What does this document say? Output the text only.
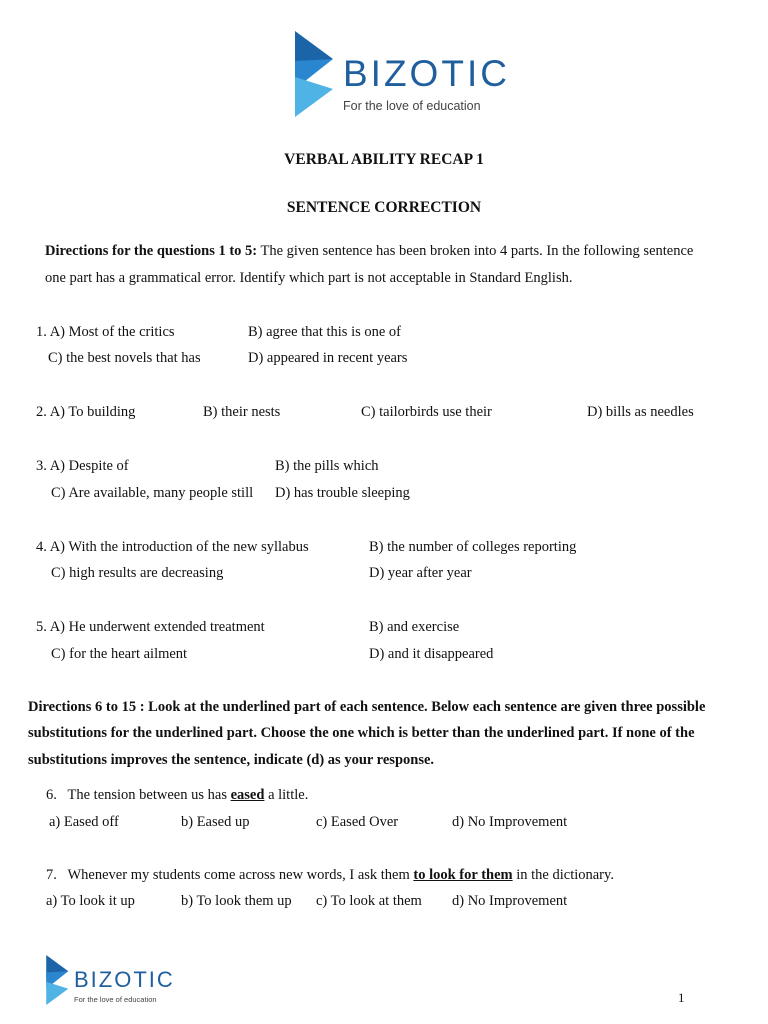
BIZOTIC
For the love of education
VERBAL ABILITY RECAP 1
SENTENCE CORRECTION
Directions for the questions 1 to 5: The given sentence has been broken into 4 parts. In the following sentence
one part has a grammatical error. Identify which part is not acceptable in Standard English.
1. A) Most of the critics	B) agree that this is one of
C) the best novels that has	D) appeared in recent years
2. A) To building	B) their nests	C) tailorbirds use their	D) bills as needles
3. A) Despite of	B) the pills which
C) Are available, many people still D) has trouble sleeping
4. A) With the introduction of the new syllabus	B) the number of colleges reporting
C) high results are decreasing	D) year after year
5. A) He underwent extended treatment	B) and exercise
C) for the heart ailment	D) and it disappeared
Directions 6 to 15 : Look at the underlined part of each sentence. Below each sentence are given three possible
substitutions for the underlined part. Choose the one which is better than the underlined part. If none of the
substitutions improves the sentence, indicate (d) as your response.
6. The tension between us has eased a little.
a) Eased off	b) Eased up	c) Eased Over	d) No Improvement
7. Whenever my students come across new words, I ask them to look for them in the dictionary.
a) To look it up	b) To look them up c) To look at them d) No Improvement
BIZOTIC
For the love of education	1
